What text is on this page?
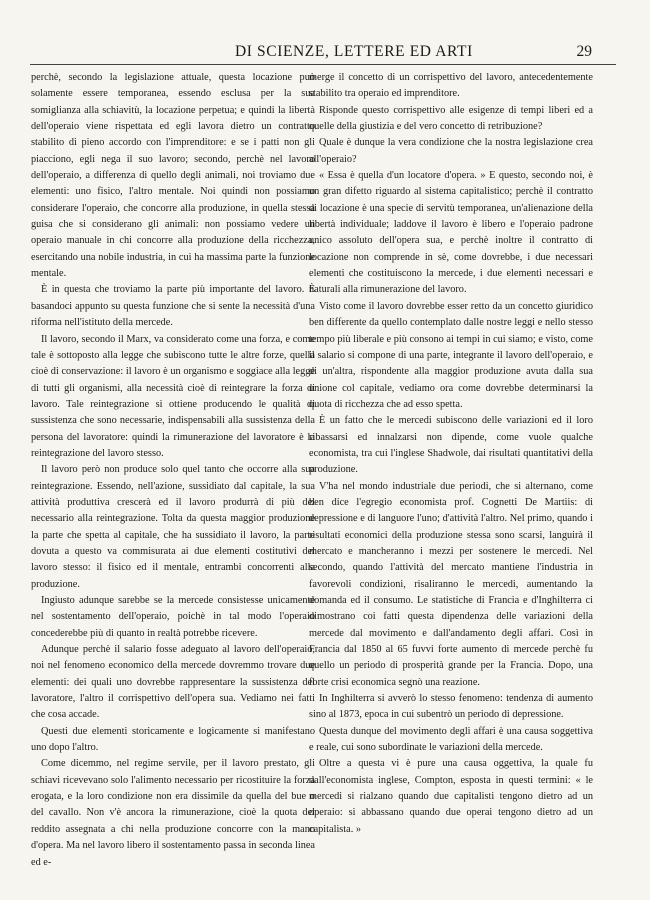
DI SCIENZE, LETTERE ED ARTI	29

perchè, secondo la legislazione attuale, questa locazione può solamente essere temporanea, essendo esclusa per la sua somiglianza alla schiavitù, la locazione perpetua; e quindi la libertà dell'operaio viene rispettata ed egli lavora dietro un contratto stabilito di pieno accordo con l'imprenditore: e se i patti non gli piacciono, egli nega il suo lavoro; secondo, perchè nel lavoro dell'operaio, a differenza di quello degli animali, noi troviamo due elementi: uno fisico, l'altro mentale. Noi quindi non possiamo considerare l'operaio, che concorre alla produzione, in quella stessa guisa che si considerano gli animali: non possiamo vedere un operaio manuale in chi concorre alla produzione della ricchezza, esercitando una nobile industria, in cui ha massima parte la funzione mentale.

È in questa che troviamo la parte più importante del lavoro. È basandoci appunto su questa funzione che si sente la necessità d'una riforma nell'istituto della mercede.

Il lavoro, secondo il Marx, va considerato come una forza, e come tale è sottoposto alla legge che subiscono tutte le altre forze, quella cioè di conservazione: il lavoro è un organismo e soggiace alla legge di tutti gli organismi, alla necessità cioè di reintegrare la forza di lavoro. Tale reintegrazione si ottiene producendo le qualità di sussistenza che sono necessarie, indispensabili alla sussistenza della persona del lavoratore: quindi la rimunerazione del lavoratore è la reintegrazione del lavoro stesso.

Il lavoro però non produce solo quel tanto che occorre alla sua reintegrazione. Essendo, nell'azione, sussidiato dal capitale, la sua attività produttiva crescerà ed il lavoro produrrà di più del necessario alla reintegrazione. Tolta da questa maggior produzione la parte che spetta al capitale, che ha sussidiato il lavoro, la parte dovuta a questo va commisurata ai due elementi costitutivi del lavoro stesso: il fisico ed il mentale, entrambi concorrenti alla produzione.

Ingiusto adunque sarebbe se la mercede consistesse unicamente nel sostentamento dell'operaio, poichè in tal modo l'operaio concederebbe più di quanto in realtà potrebbe ricevere.

Adunque perchè il salario fosse adeguato al lavoro dell'operaio, noi nel fenomeno economico della mercede dovremmo trovare due elementi: dei quali uno dovrebbe rappresentare la sussistenza del lavoratore, l'altro il corrispettivo dell'opera sua. Vediamo nei fatti che cosa accade.

Questi due elementi storicamente e logicamente si manifestano uno dopo l'altro.

Come dicemmo, nel regime servile, per il lavoro prestato, gli schiavi ricevevano solo l'alimento necessario per ricostituire la forza erogata, e la loro condizione non era dissimile da quella del bue o del cavallo. Non v'è ancora la rimunerazione, cioè la quota del reddito assegnata a chi nella produzione concorre con la mano d'opera. Ma nel lavoro libero il sostentamento passa in seconda linea ed e-

merge il concetto di un corrispettivo del lavoro, antecedentemente stabilito tra operaio ed imprenditore.

Risponde questo corrispettivo alle esigenze di tempi liberi ed a quelle della giustizia e del vero concetto di retribuzione?

Quale è dunque la vera condizione che la nostra legislazione crea all'operaio?

« Essa è quella d'un locatore d'opera. » E questo, secondo noi, è un gran difetto riguardo al sistema capitalistico; perchè il contratto di locazione è una specie di servitù temporanea, un'alienazione della libertà individuale; laddove il lavoro è libero e l'operaio padrone unico assoluto dell'opera sua, e perchè inoltre il contratto di locazione non comprende in sè, come dovrebbe, i due necessari elementi che costituiscono la mercede, i due elementi necessari e naturali alla rimunerazione del lavoro.

Visto come il lavoro dovrebbe esser retto da un concetto giuridico ben differente da quello contemplato dalle nostre leggi e nello stesso tempo più liberale e più consono ai tempi in cui siamo; e visto, come il salario si compone di una parte, integrante il lavoro dell'operaio, e di un'altra, rispondente alla maggior produzione avuta dalla sua unione col capitale, vediamo ora come dovrebbe determinarsi la quota di ricchezza che ad esso spetta.

È un fatto che le mercedi subiscono delle variazioni ed il loro ribassarsi ed innalzarsi non dipende, come vuole qualche economista, tra cui l'inglese Shadwole, dai risultati quantitativi della produzione.

V'ha nel mondo industriale due periodi, che si alternano, come ben dice l'egregio economista prof. Cognetti De Martiis: di depressione e di languore l'uno; d'attività l'altro. Nel primo, quando i risultati economici della produzione stessa sono scarsi, languirà il mercato e mancheranno i mezzi per sostenere le mercedi. Nel secondo, quando l'attività del mercato mantiene l'industria in favorevoli condizioni, risaliranno le mercedi, aumentando la domanda ed il consumo. Le statistiche di Francia e d'Inghilterra ci dimostrano coi fatti questa dipendenza delle variazioni della mercede dal movimento e dall'andamento degli affari. Così in Francia dal 1850 al 65 fuvvi forte aumento di mercede perchè fu quello un periodo di prosperità grande per la Francia. Dopo, una forte crisi economica segnò una reazione.

In Inghilterra si avverò lo stesso fenomeno: tendenza di aumento sino al 1873, epoca in cui subentrò un periodo di depressione.

Questa dunque del movimento degli affari è una causa soggettiva e reale, cui sono subordinate le variazioni della mercede.

Oltre a questa vi è pure una causa oggettiva, la quale fu dall'economista inglese, Compton, esposta in questi termini: « le mercedi si rialzano quando due capitalisti tengono dietro ad un operaio: si abbassano quando due operai tengono dietro ad un capitalista. »
